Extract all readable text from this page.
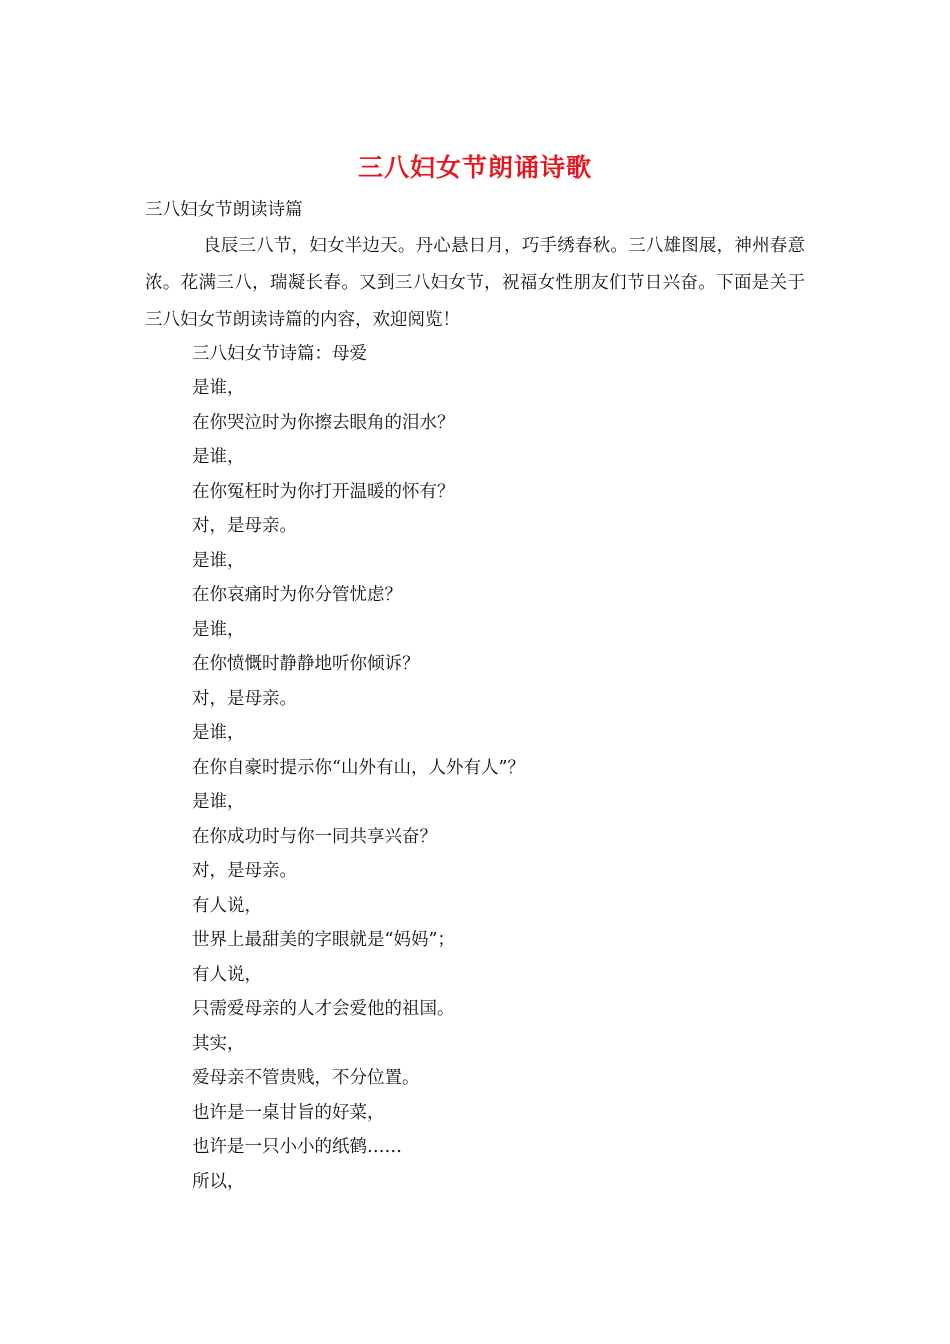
三八妇女节朗诵诗歌
三八妇女节朗读诗篇
良辰三八节，妇女半边天。丹心悬日月，巧手绣春秋。三八雄图展，神州春意浓。花满三八，瑞凝长春。又到三八妇女节，祝福女性朋友们节日兴奋。下面是关于三八妇女节朗读诗篇的内容，欢迎阅览！
三八妇女节诗篇：母爱
是谁，
在你哭泣时为你擦去眼角的泪水？
是谁，
在你冤枉时为你打开温暖的怀有？
对，是母亲。
是谁，
在你哀痛时为你分管忧虑？
是谁，
在你愤慨时静静地听你倾诉？
对，是母亲。
是谁，
在你自豪时提示你“山外有山，人外有人”？
是谁，
在你成功时与你一同共享兴奋？
对，是母亲。
有人说，
世界上最甜美的字眼就是“妈妈”；
有人说，
只需爱母亲的人才会爱他的祖国。
其实，
爱母亲不管贵贱，不分位置。
也许是一桌甘旨的好菜，
也许是一只小小的纸鹤……
所以，
